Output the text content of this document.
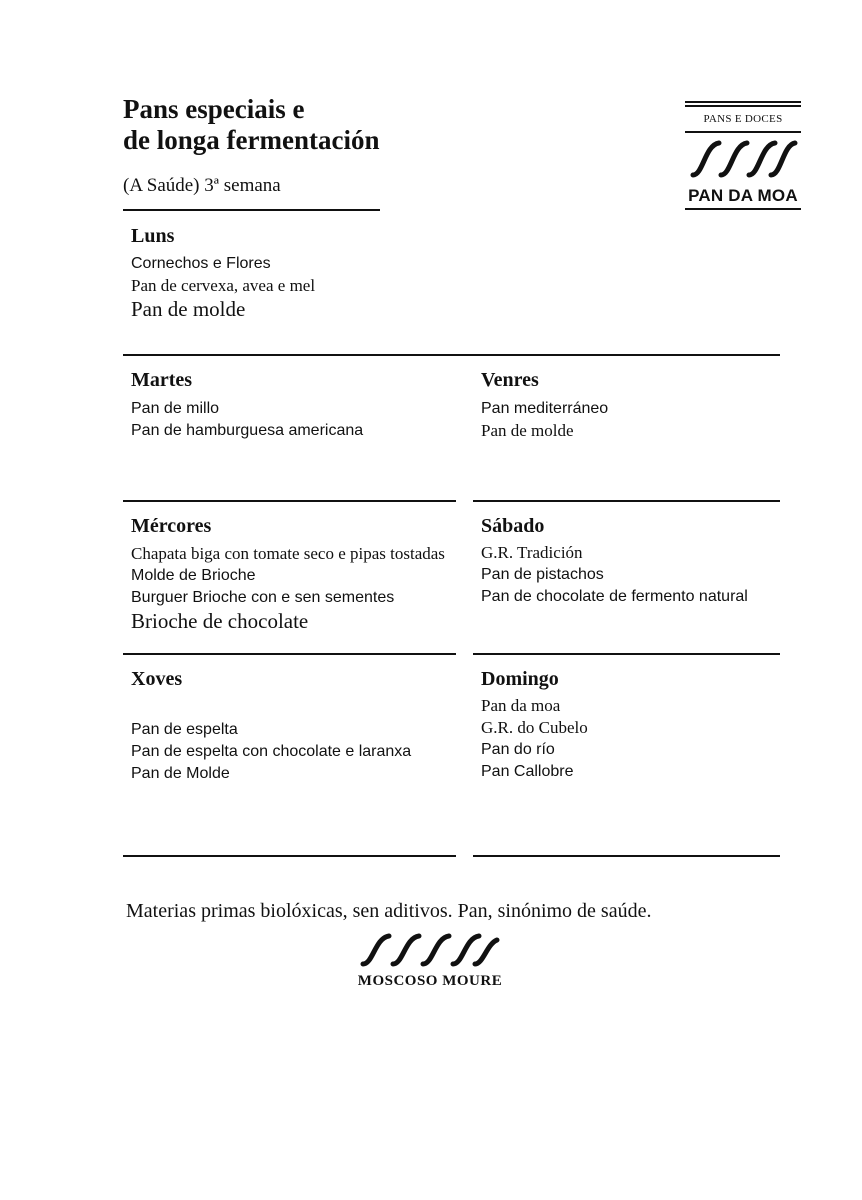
Pans especiais e
de longa fermentación
(A Saúde) 3ª semana
PANS E DOCES
PAN DA MOA
Luns
Cornechos e Flores
Pan de cervexa, avea e mel
Pan de molde
Martes
Pan de millo
Pan de hamburguesa americana
Venres
Pan mediterráneo
Pan de molde
Mércores
Chapata biga con tomate seco e pipas tostadas
Molde de Brioche
Burguer Brioche con e sen sementes
Brioche de chocolate
Sábado
G.R. Tradición
Pan de pistachos
Pan de chocolate de fermento natural
Xoves
Pan de espelta
Pan de espelta con chocolate e laranxa
Pan de Molde
Domingo
Pan da moa
G.R. do Cubelo
Pan do río
Pan Callobre
Materias primas biolóxicas, sen aditivos. Pan, sinónimo de saúde.
MOSCOSO MOURE
